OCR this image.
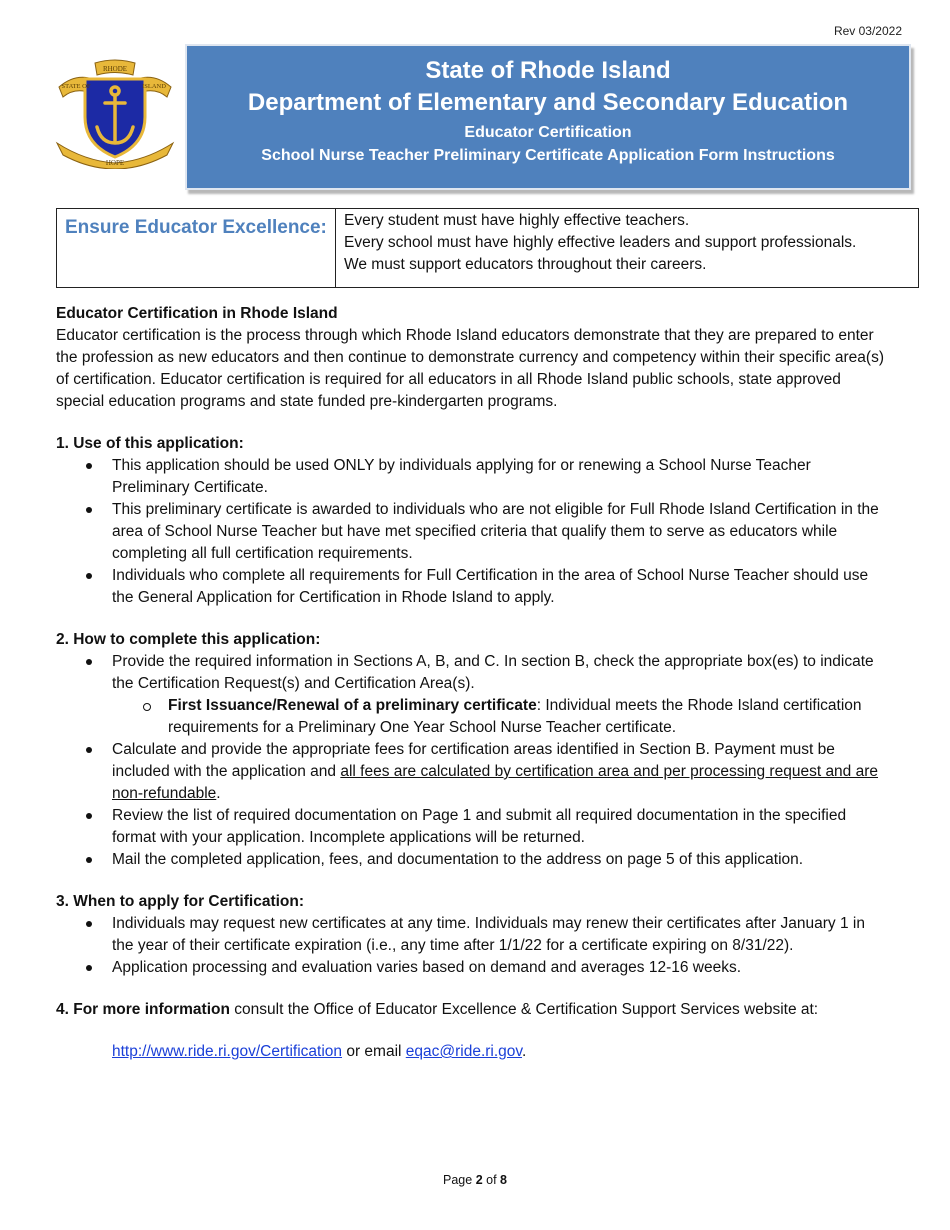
Rev 03/2022
RHODE
STATE OF	ISLAND
HOPE
State of Rhode Island
Department of Elementary and Secondary Education
Educator Certification
School Nurse Teacher Preliminary Certificate Application Form Instructions
Ensure Educator Excellence:	Every student must have highly effective teachers.
Every school must have highly effective leaders and support professionals.
We must support educators throughout their careers.

Educator Certification in Rhode Island

Educator certification is the process through which Rhode Island educators demonstrate that they are prepared to enter the profession as new educators and then continue to demonstrate currency and competency within their specific area(s) of certification. Educator certification is required for all educators in all Rhode Island public schools, state approved special education programs and state funded pre-kindergarten programs.

1. Use of this application:

This application should be used ONLY by individuals applying for or renewing a School Nurse Teacher Preliminary Certificate.
This preliminary certificate is awarded to individuals who are not eligible for Full Rhode Island Certification in the area of School Nurse Teacher but have met specified criteria that qualify them to serve as educators while completing all full certification requirements.
Individuals who complete all requirements for Full Certification in the area of School Nurse Teacher should use the General Application for Certification in Rhode Island to apply.

2. How to complete this application:

Provide the required information in Sections A, B, and C. In section B, check the appropriate box(es) to indicate the Certification Request(s) and Certification Area(s).
First Issuance/Renewal of a preliminary certificate: Individual meets the Rhode Island certification requirements for a Preliminary One Year School Nurse Teacher certificate.
Calculate and provide the appropriate fees for certification areas identified in Section B. Payment must be included with the application and all fees are calculated by certification area and per processing request and are non-refundable.
Review the list of required documentation on Page 1 and submit all required documentation in the specified format with your application. Incomplete applications will be returned.
Mail the completed application, fees, and documentation to the address on page 5 of this application.

3. When to apply for Certification:

Individuals may request new certificates at any time. Individuals may renew their certificates after January 1 in the year of their certificate expiration (i.e., any time after 1/1/22 for a certificate expiring on 8/31/22).
Application processing and evaluation varies based on demand and averages 12-16 weeks.

4. For more information consult the Office of Educator Excellence & Certification Support Services website at:

http://www.ride.ri.gov/Certification or email eqac@ride.ri.gov.

Page 2 of 8
